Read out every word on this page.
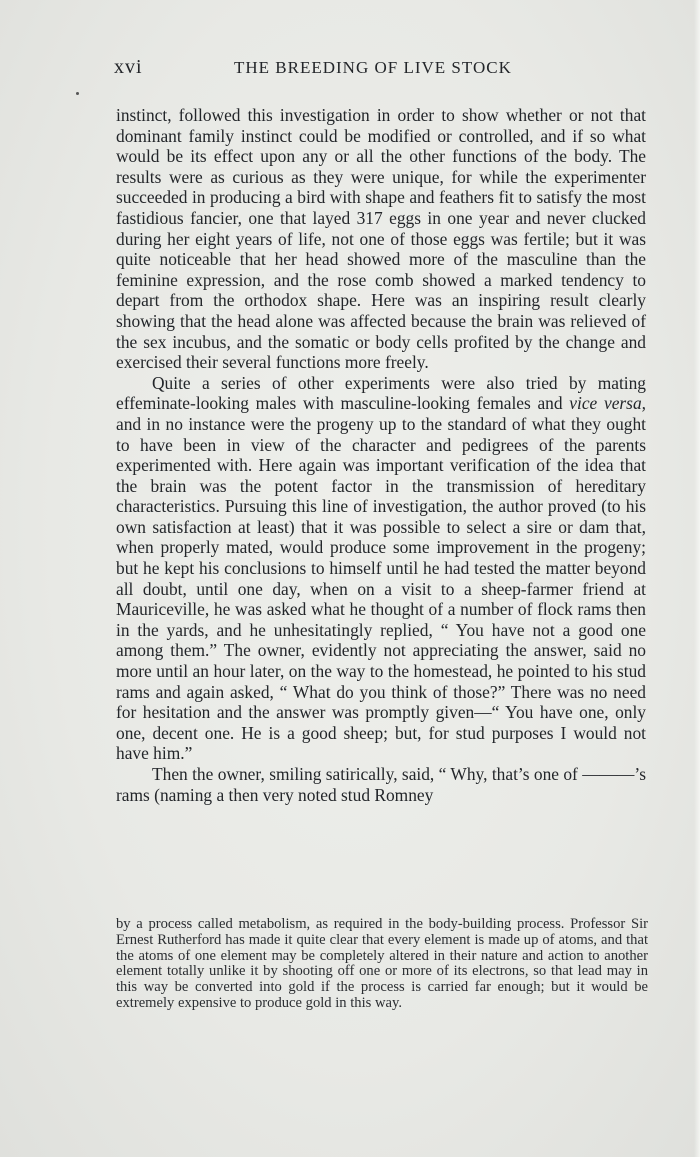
xvi	THE BREEDING OF LIVE STOCK

instinct, followed this investigation in order to show whether or not that dominant family instinct could be modified or controlled, and if so what would be its effect upon any or all the other functions of the body. The results were as curious as they were unique, for while the experimenter succeeded in producing a bird with shape and feathers fit to satisfy the most fastidious fancier, one that layed 317 eggs in one year and never clucked during her eight years of life, not one of those eggs was fertile; but it was quite noticeable that her head showed more of the masculine than the feminine expression, and the rose comb showed a marked tendency to depart from the orthodox shape. Here was an inspiring result clearly showing that the head alone was affected because the brain was relieved of the sex incubus, and the somatic or body cells profited by the change and exercised their several functions more freely.

Quite a series of other experiments were also tried by mating effeminate-looking males with masculine-looking females and vice versa, and in no instance were the progeny up to the standard of what they ought to have been in view of the character and pedigrees of the parents experimented with. Here again was important verification of the idea that the brain was the potent factor in the transmission of hereditary characteristics. Pursuing this line of investigation, the author proved (to his own satisfaction at least) that it was possible to select a sire or dam that, when properly mated, would produce some improvement in the progeny; but he kept his conclusions to himself until he had tested the matter beyond all doubt, until one day, when on a visit to a sheep-farmer friend at Mauriceville, he was asked what he thought of a number of flock rams then in the yards, and he unhesitatingly replied, “ You have not a good one among them.” The owner, evidently not appreciating the answer, said no more until an hour later, on the way to the homestead, he pointed to his stud rams and again asked, “ What do you think of those?” There was no need for hesitation and the answer was promptly given—“ You have one, only one, decent one. He is a good sheep; but, for stud purposes I would not have him.”

Then the owner, smiling satirically, said, “ Why, that’s one of ———’s rams (naming a then very noted stud Romney

by a process called metabolism, as required in the body-building process. Professor Sir Ernest Rutherford has made it quite clear that every element is made up of atoms, and that the atoms of one element may be completely altered in their nature and action to another element totally unlike it by shooting off one or more of its electrons, so that lead may in this way be converted into gold if the process is carried far enough; but it would be extremely expensive to produce gold in this way.
